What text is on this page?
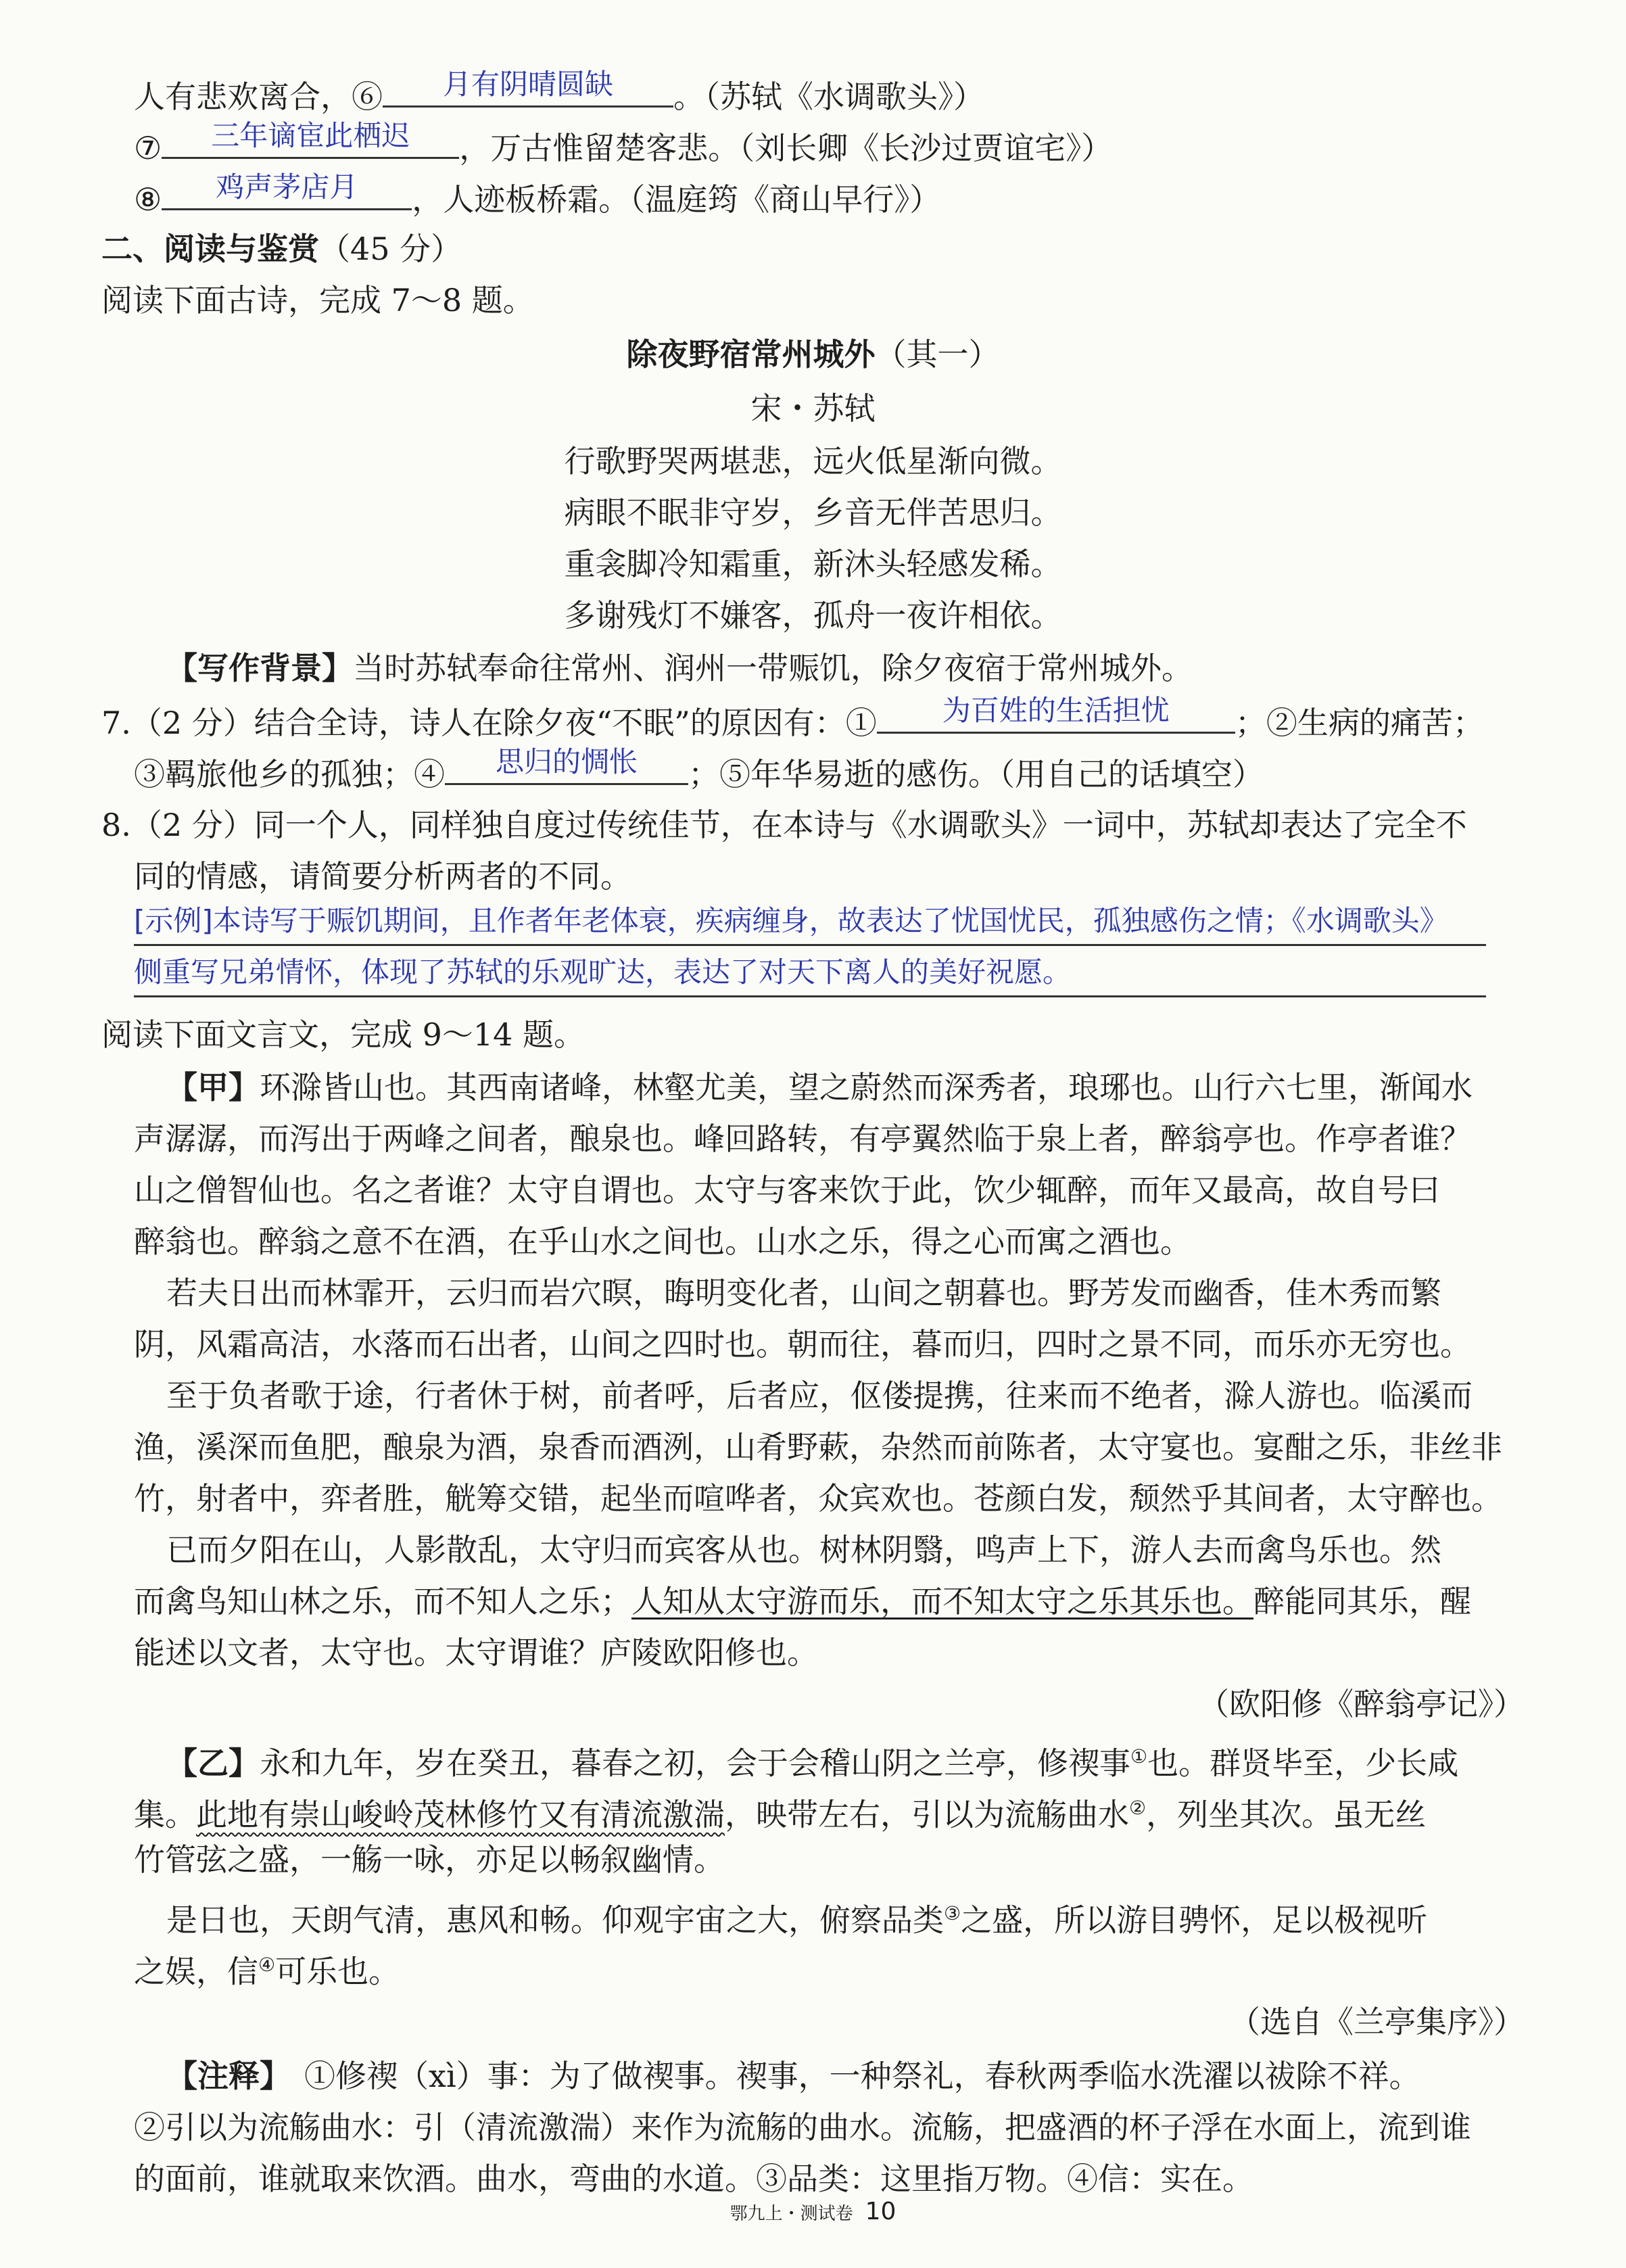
人有悲欢离合，⑥	月有阴晴圆缺	。（苏轼《水调歌头》）
⑦	三年谪宦此栖迟	，万古惟留楚客悲。（刘长卿《长沙过贾谊宅》）
⑧	鸡声茅店月	，人迹板桥霜。（温庭筠《商山早行》）
二、阅读与鉴赏（45 分）
阅读下面古诗，完成 7～8 题。
除夜野宿常州城外（其一）
宋・苏轼
行歌野哭两堪悲，远火低星渐向微。
病眼不眠非守岁，乡音无伴苦思归。
重衾脚冷知霜重，新沐头轻感发稀。
多谢残灯不嫌客，孤舟一夜许相依。
【写作背景】当时苏轼奉命往常州、润州一带赈饥，除夕夜宿于常州城外。
7.（2 分）结合全诗，诗人在除夕夜“不眠”的原因有：①	为百姓的生活担忧	；②生病的痛苦；
③羁旅他乡的孤独；④	思归的惆怅	；⑤年华易逝的感伤。（用自己的话填空）
8.（2 分）同一个人，同样独自度过传统佳节，在本诗与《水调歌头》一词中，苏轼却表达了完全不
同的情感，请简要分析两者的不同。
[示例]本诗写于赈饥期间，且作者年老体衰，疾病缠身，故表达了忧国忧民，孤独感伤之情；《水调歌头》
侧重写兄弟情怀，体现了苏轼的乐观旷达，表达了对天下离人的美好祝愿。
阅读下面文言文，完成 9～14 题。
【甲】环滁皆山也。其西南诸峰，林壑尤美，望之蔚然而深秀者，琅琊也。山行六七里，渐闻水
声潺潺，而泻出于两峰之间者，酿泉也。峰回路转，有亭翼然临于泉上者，醉翁亭也。作亭者谁？
山之僧智仙也。名之者谁？太守自谓也。太守与客来饮于此，饮少辄醉，而年又最高，故自号曰
醉翁也。醉翁之意不在酒，在乎山水之间也。山水之乐，得之心而寓之酒也。
若夫日出而林霏开，云归而岩穴暝，晦明变化者，山间之朝暮也。野芳发而幽香，佳木秀而繁
阴，风霜高洁，水落而石出者，山间之四时也。朝而往，暮而归，四时之景不同，而乐亦无穷也。
至于负者歌于途，行者休于树，前者呼，后者应，伛偻提携，往来而不绝者，滁人游也。临溪而
渔，溪深而鱼肥，酿泉为酒，泉香而酒洌，山肴野蔌，杂然而前陈者，太守宴也。宴酣之乐，非丝非
竹，射者中，弈者胜，觥筹交错，起坐而喧哗者，众宾欢也。苍颜白发，颓然乎其间者，太守醉也。
已而夕阳在山，人影散乱，太守归而宾客从也。树林阴翳，鸣声上下，游人去而禽鸟乐也。然
而禽鸟知山林之乐，而不知人之乐；人知从太守游而乐，而不知太守之乐其乐也。醉能同其乐，醒
能述以文者，太守也。太守谓谁？庐陵欧阳修也。
（欧阳修《醉翁亭记》）
【乙】永和九年，岁在癸丑，暮春之初，会于会稽山阴之兰亭，修禊事①也。群贤毕至，少长咸
集。此地有崇山峻岭茂林修竹又有清流激湍，映带左右，引以为流觞曲水②，列坐其次。虽无丝
竹管弦之盛，一觞一咏，亦足以畅叙幽情。
是日也，天朗气清，惠风和畅。仰观宇宙之大，俯察品类③之盛，所以游目骋怀，足以极视听
之娱，信④可乐也。
（选自《兰亭集序》）
【注释】 ①修禊（xì）事：为了做禊事。禊事，一种祭礼，春秋两季临水洗濯以祓除不祥。
②引以为流觞曲水：引（清流激湍）来作为流觞的曲水。流觞，把盛酒的杯子浮在水面上，流到谁
的面前，谁就取来饮酒。曲水，弯曲的水道。③品类：这里指万物。④信：实在。
鄂九上・测试卷 10
